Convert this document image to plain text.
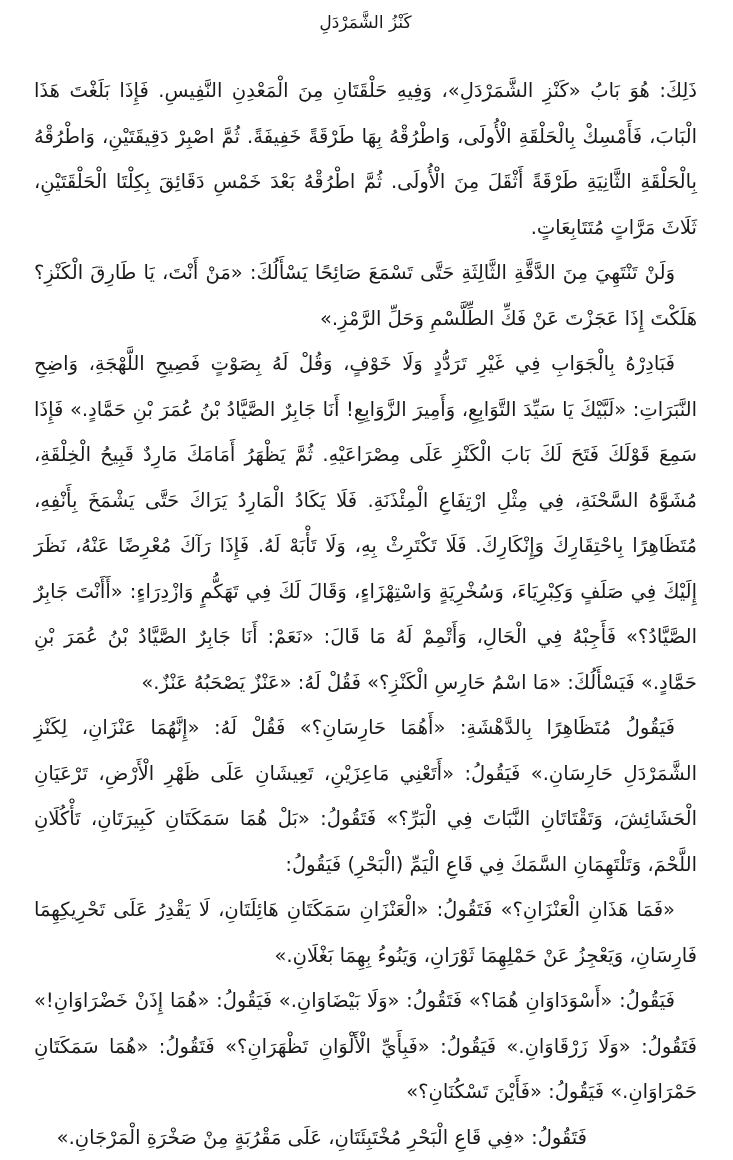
كَنْزُ الشَّمَرْدَلِ

ذَلِكَ: هُوَ بَابُ «كَنْزِ الشَّمَرْدَلِ»، وَفِيهِ حَلْقَتَانِ مِنَ الْمَعْدِنِ النَّفِيسِ. فَإِذَا بَلَغْتَ هَذَا الْبَابَ، فَأَمْسِكْ بِالْحَلْقَةِ الْأُولَى، وَاطْرُقْهُ بِهَا طَرْقَةً خَفِيفَةً. ثُمَّ اصْبِرْ دَقِيقَتَيْنِ، وَاطْرُقْهُ بِالْحَلْقَةِ الثَّانِيَةِ طَرْقَةً أَثْقَلَ مِنَ الْأُولَى. ثُمَّ اطْرُقْهُ بَعْدَ خَمْسِ دَقَائِقَ بِكِلْتَا الْحَلْقَتَيْنِ، ثَلَاثَ مَرَّاتٍ مُتَتَابِعَاتٍ.

وَلَنْ تَنْتَهِيَ مِنَ الدَّقَّةِ الثَّالِثَةِ حَتَّى تَسْمَعَ صَائِحًا يَسْأَلُكَ: «مَنْ أَنْتَ، يَا طَارِقَ الْكَنْزِ؟ هَلَكْتَ إِذَا عَجَزْتَ عَنْ فَكِّ الطِّلَّسْمِ وَحَلِّ الرَّمْزِ.»

فَبَادِرْهُ بِالْجَوَابِ فِي غَيْرِ تَرَدُّدٍ وَلَا خَوْفٍ، وَقُلْ لَهُ بِصَوْتٍ فَصِيحِ اللَّهْجَةِ، وَاضِحِ النَّبَرَاتِ: «لَبَّيْكَ يَا سَيِّدَ التَّوَابِعِ، وَأَمِيرَ الزَّوَابِعِ! أَنَا جَابِرٌ الصَّيَّادُ بْنُ عُمَرَ بْنِ حَمَّادٍ.» فَإِذَا سَمِعَ قَوْلَكَ فَتَحَ لَكَ بَابَ الْكَنْزِ عَلَى مِصْرَاعَيْهِ. ثُمَّ يَظْهَرُ أَمَامَكَ مَارِدٌ قَبِيحُ الْخِلْقَةِ، مُشَوَّهُ السَّحْنَةِ، فِي مِثْلِ ارْتِفَاعِ الْمِئْذَنَةِ. فَلَا يَكَادُ الْمَارِدُ يَرَاكَ حَتَّى يَشْمَخَ بِأَنْفِهِ، مُتَظَاهِرًا بِاحْتِقَارِكَ وَإِنْكَارِكَ. فَلَا تَكْتَرِثْ بِهِ، وَلَا تَأْبَهْ لَهُ. فَإِذَا رَآكَ مُعْرِضًا عَنْهُ، نَظَرَ إِلَيْكَ فِي صَلَفٍ وَكِبْرِيَاءَ، وَسُخْرِيَةٍ وَاسْتِهْزَاءٍ، وَقَالَ لَكَ فِي تَهَكُّمٍ وَازْدِرَاءٍ: «أَأَنْتَ جَابِرٌ الصَّيَّادُ؟» فَأَجِبْهُ فِي الْحَالِ، وَأَتْمِمْ لَهُ مَا قَالَ: «نَعَمْ: أَنَا جَابِرٌ الصَّيَّادُ بْنُ عُمَرَ بْنِ حَمَّادٍ.» فَيَسْأَلُكَ: «مَا اسْمُ حَارِسِ الْكَنْزِ؟» فَقُلْ لَهُ: «عَنْزٌ يَصْحَبُهُ عَنْزٌ.»

فَيَقُولُ مُتَظَاهِرًا بِالدَّهْشَةِ: «أَهُمَا حَارِسَانِ؟» فَقُلْ لَهُ: «إِنَّهُمَا عَنْزَانِ، لِكَنْزِ الشَّمَرْدَلِ حَارِسَانِ.» فَيَقُولُ: «أَتَعْنِي مَاعِزَيْنِ، تَعِيشَانِ عَلَى ظَهْرِ الْأَرْضِ، تَرْعَيَانِ الْحَشَائِشَ، وَتَقْتَاتَانِ النَّبَاتَ فِي الْبَرِّ؟» فَتَقُولُ: «بَلْ هُمَا سَمَكَتَانِ كَبِيرَتَانِ، تَأْكُلَانِ اللَّحْمَ، وَتَلْتَهِمَانِ السَّمَكَ فِي قَاعِ الْيَمِّ (الْبَحْرِ) فَيَقُولُ:

«فَمَا هَذَانِ الْعَنْزَانِ؟» فَتَقُولُ: «الْعَنْزَانِ سَمَكَتَانِ هَائِلَتَانِ، لَا يَقْدِرُ عَلَى تَحْرِيكِهِمَا فَارِسَانِ، وَيَعْجِزُ عَنْ حَمْلِهِمَا ثَوْرَانِ، وَيَنُوءُ بِهِمَا بَغْلَانِ.»

فَيَقُولُ: «أَسْوَدَاوَانِ هُمَا؟» فَتَقُولُ: «وَلَا بَيْضَاوَانِ.» فَيَقُولُ: «هُمَا إِذَنْ خَضْرَاوَانِ!» فَتَقُولُ: «وَلَا زَرْقَاوَانِ.» فَيَقُولُ: «فَبِأَيِّ الْأَلْوَانِ تَظْهَرَانِ؟» فَتَقُولُ: «هُمَا سَمَكَتَانِ حَمْرَاوَانِ.» فَيَقُولُ: «فَأَيْنَ تَسْكُنَانِ؟»

فَتَقُولُ: «فِي قَاعِ الْبَحْرِ مُخْتَبِئَتَانِ، عَلَى مَقْرُبَةٍ مِنْ صَخْرَةِ الْمَرْجَانِ.»
